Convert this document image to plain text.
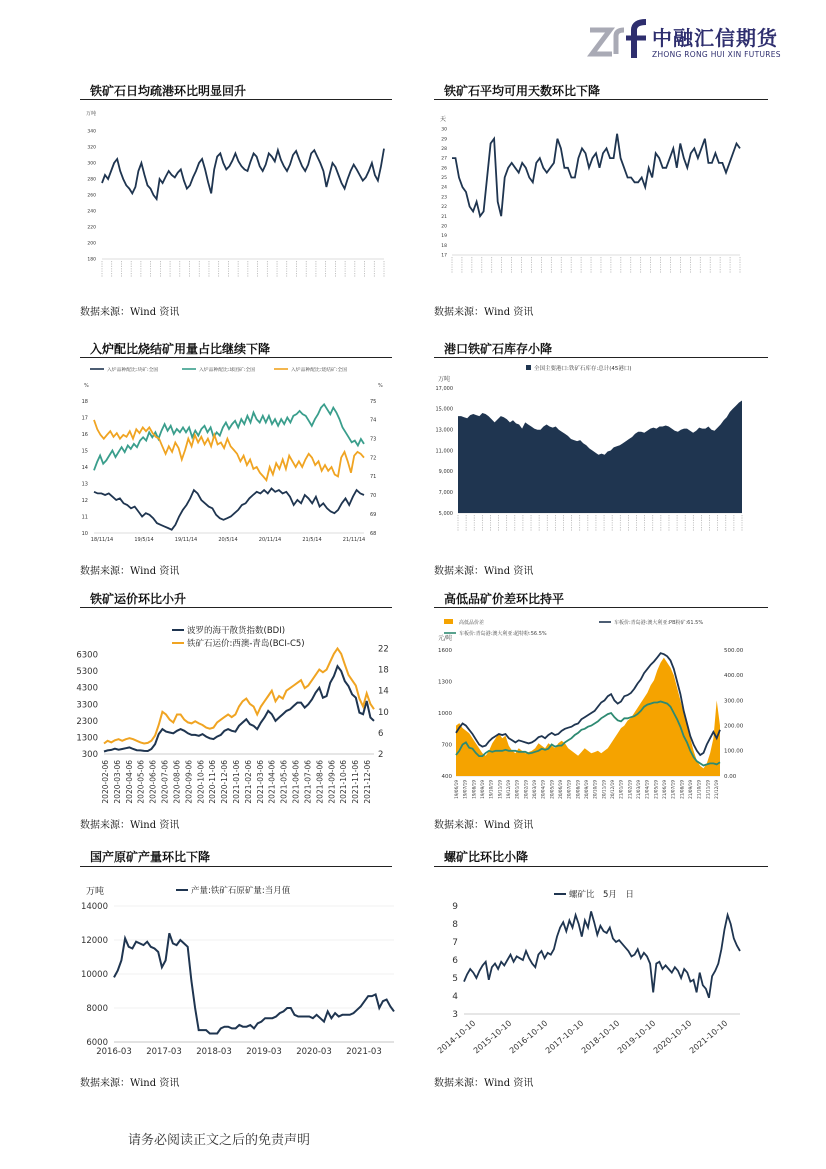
中融汇信期货
ZHONG RONG HUI XIN FUTURES
铁矿石日均疏港环比明显回升	铁矿石平均可用天数环比下降
入炉配比烧结矿用量占比继续下降	港口铁矿石库存小降
铁矿运价环比小升	高低品矿价差环比持平
国产原矿产量环比下降	螺矿比环比小降
万吨
180
200
220
240
260
280
300
320
340
天
17
18
19
20
21
22
23
24
25
26
27
28
29
30
入炉品种配比:块矿:全国	入炉品种配比:球团矿:全国	入炉品种配比:烧结矿:全国
%	%
10
11
12
13
14
15
16
17
18
68
69
70
71
72
73
74
75
18/11/14	19/5/14	19/11/14	20/5/14	20/11/14	21/5/14	21/11/14
全国主要港口:铁矿石库存:总计(45港口)
万吨
5,000
7,000
9,000
11,000
13,000
15,000
17,000
波罗的海干散货指数(BDI)
铁矿石运价:西澳-青岛(BCI-C5)
300
1300
2300
3300
4300
5300
6300
2
6
10
14
18
22
2020-02-06 2020-03-06 2020-04-06 2020-05-06 2020-06-06 2020-07-06 2020-08-06 2020-09-06 2020-10-06 2020-11-06 2020-12-06 2021-01-06 2021-02-06 2021-03-06 2021-04-06 2021-05-06 2021-06-06 2021-07-06 2021-08-06 2021-09-06 2021-10-06 2021-11-06 2021-12-06
高低品价差	车板价:青岛港:澳大利亚:PB粉矿:61.5%
车板价:青岛港:澳大利亚:超特粉:56.5%
元/吨
400
700
1000
1300
1600
0.00
100.00
200.00
300.00
400.00
500.00
19/06/19 19/07/19 19/08/19 19/09/19 19/10/19 19/11/19 19/12/19 20/01/19 20/02/19 20/03/19 20/04/19 20/05/19 20/06/19 20/07/19 20/08/19 20/09/19 20/10/19 20/11/19 20/12/19 21/01/19 21/02/19 21/03/19 21/04/19 21/05/19 21/06/19 21/07/19 21/08/19 21/09/19 21/10/19 21/11/19 21/12/19
万吨	产量:铁矿石原矿量:当月值
6000
8000
10000
12000
14000
2016-03 2017-03 2018-03 2019-03 2020-03 2021-03
螺矿比　5月　日
3
4
5
6
7
8
9
2014-10-10
2015-10-10
2016-10-10
2017-10-10
2018-10-10
2019-10-10
2020-10-10
2021-10-10
数据来源：Wind 资讯	数据来源：Wind 资讯
数据来源：Wind 资讯	数据来源：Wind 资讯
数据来源：Wind 资讯	数据来源：Wind 资讯
数据来源：Wind 资讯	数据来源：Wind 资讯
请务必阅读正文之后的免责声明
